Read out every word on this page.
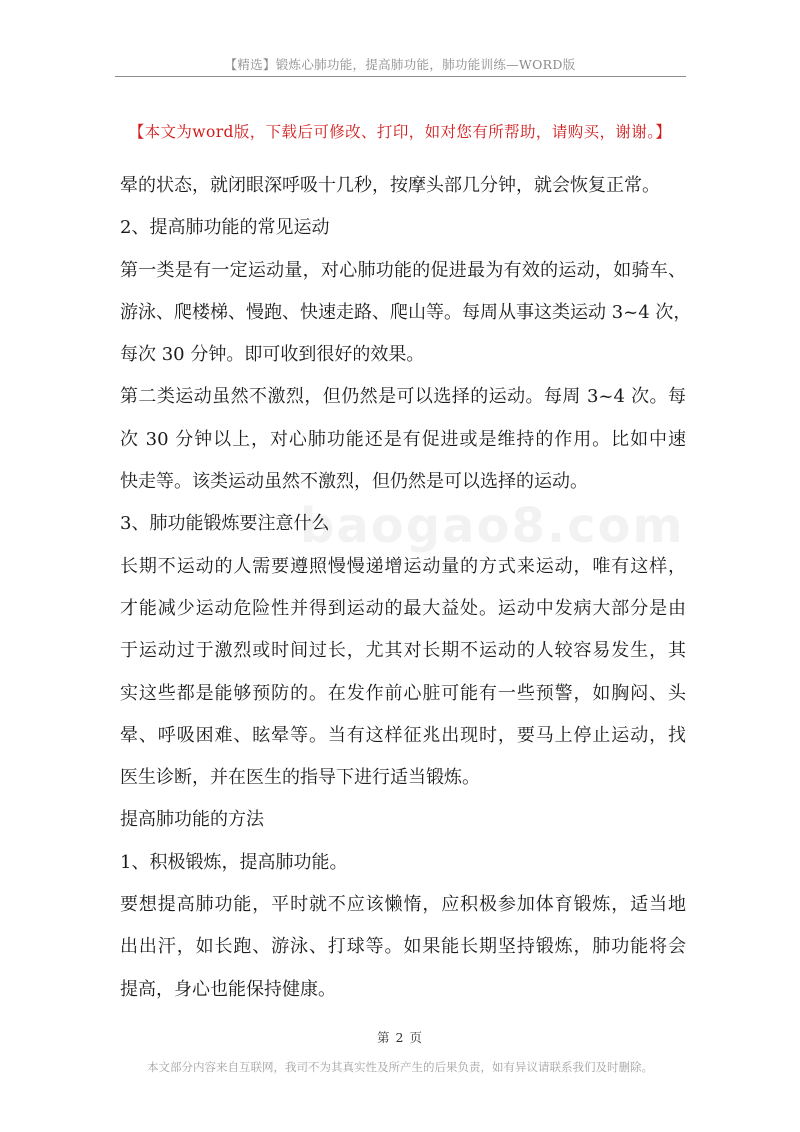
【精选】锻炼心肺功能，提高肺功能，肺功能训练—WORD版
【本文为word版，下载后可修改、打印，如对您有所帮助，请购买，谢谢。】
baogao8.com
晕的状态，就闭眼深呼吸十几秒，按摩头部几分钟，就会恢复正常。
2、提高肺功能的常见运动
第一类是有一定运动量，对心肺功能的促进最为有效的运动，如骑车、
游泳、爬楼梯、慢跑、快速走路、爬山等。每周从事这类运动 3~4 次，
每次 30 分钟。即可收到很好的效果。
第二类运动虽然不激烈，但仍然是可以选择的运动。每周 3~4 次。每
次 30 分钟以上，对心肺功能还是有促进或是维持的作用。比如中速
快走等。该类运动虽然不激烈，但仍然是可以选择的运动。
3、肺功能锻炼要注意什么
长期不运动的人需要遵照慢慢递增运动量的方式来运动，唯有这样，
才能减少运动危险性并得到运动的最大益处。运动中发病大部分是由
于运动过于激烈或时间过长，尤其对长期不运动的人较容易发生，其
实这些都是能够预防的。在发作前心脏可能有一些预警，如胸闷、头
晕、呼吸困难、眩晕等。当有这样征兆出现时，要马上停止运动，找
医生诊断，并在医生的指导下进行适当锻炼。
提高肺功能的方法
1、积极锻炼，提高肺功能。
要想提高肺功能，平时就不应该懒惰，应积极参加体育锻炼，适当地
出出汗，如长跑、游泳、打球等。如果能长期坚持锻炼，肺功能将会
提高，身心也能保持健康。
第 2 页
本文部分内容来自互联网，我司不为其真实性及所产生的后果负责，如有异议请联系我们及时删除。
